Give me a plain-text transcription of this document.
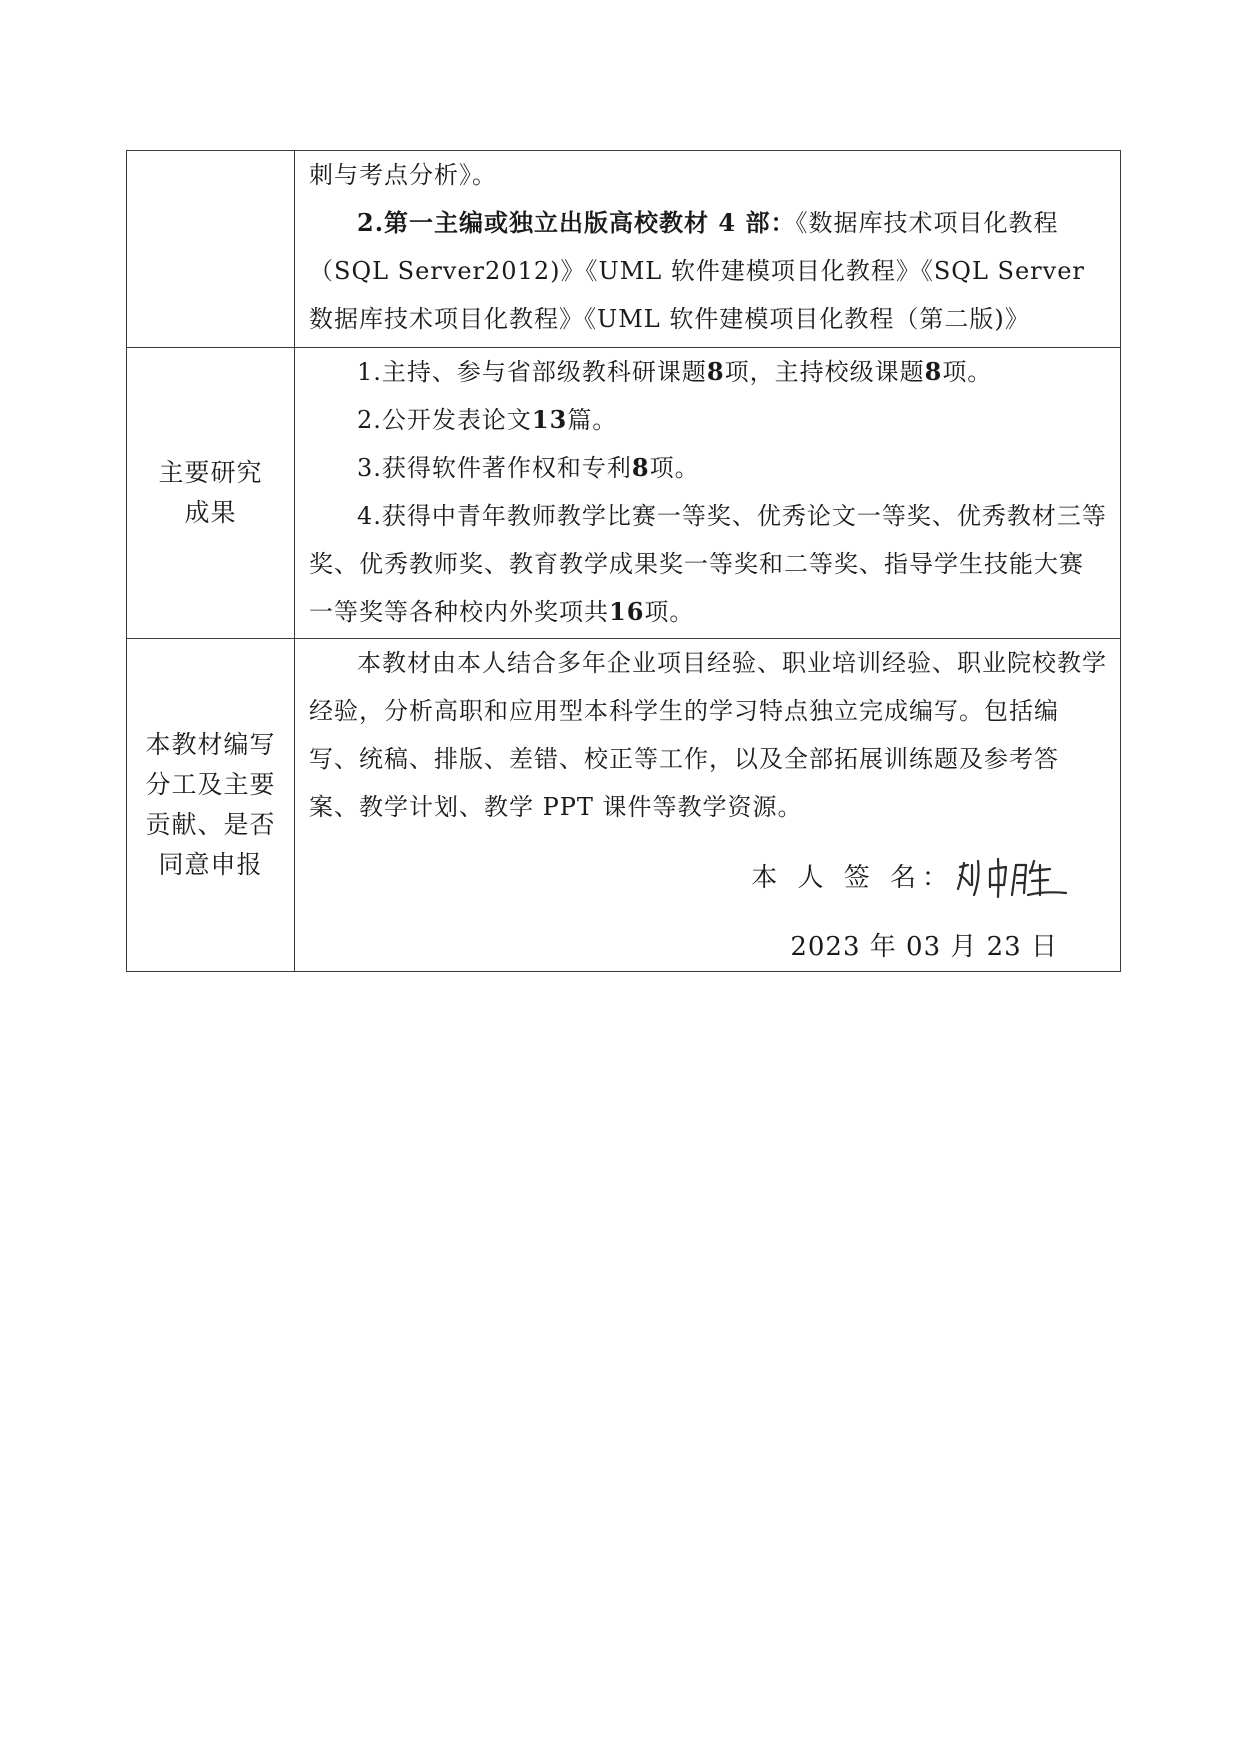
	刺与考点分析》。

2.第一主编或独立出版高校教材 4 部：《数据库技术项目化教程（SQL Server2012)》《UML 软件建模项目化教程》《SQL Server 数据库技术项目化教程》《UML 软件建模项目化教程（第二版)》

主要研究成果	1.主持、参与省部级教科研课题8项，主持校级课题8项。

2.公开发表论文13篇。

3.获得软件著作权和专利8项。

4.获得中青年教师教学比赛一等奖、优秀论文一等奖、优秀教材三等奖、优秀教师奖、教育教学成果奖一等奖和二等奖、指导学生技能大赛一等奖等各种校内外奖项共16项。

本教材编写分工及主要贡献、是否同意申报	本教材由本人结合多年企业项目经验、职业培训经验、职业院校教学经验，分析高职和应用型本科学生的学习特点独立完成编写。包括编写、统稿、排版、差错、校正等工作，以及全部拓展训练题及参考答案、教学计划、教学 PPT 课件等教学资源。

本 人 签 名：
2023 年 03 月 23 日
